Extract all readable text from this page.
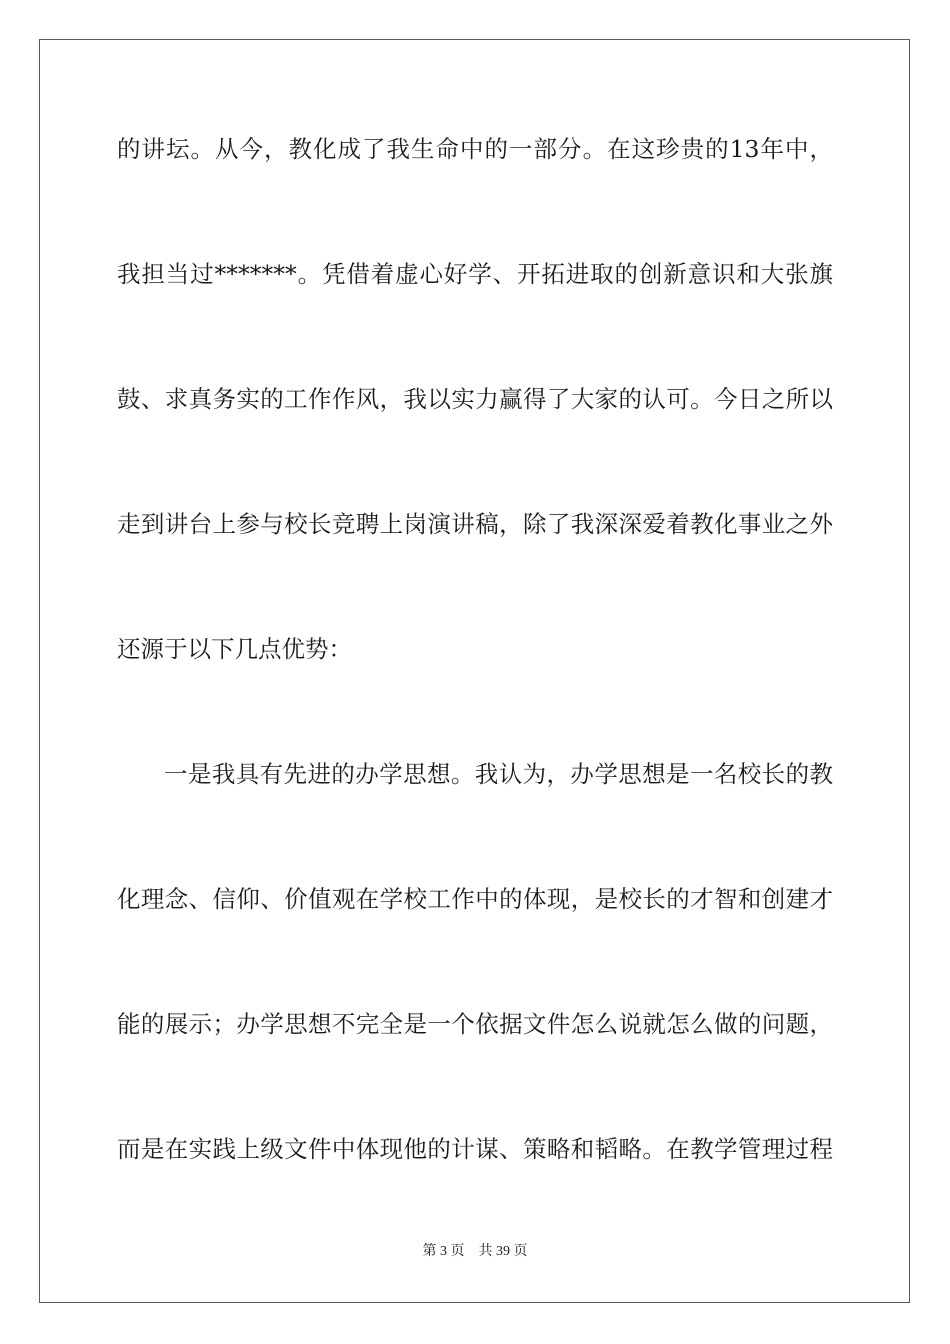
的讲坛。从今，教化成了我生命中的一部分。在这珍贵的13年中，
我担当过*******。凭借着虚心好学、开拓进取的创新意识和大张旗
鼓、求真务实的工作作风，我以实力赢得了大家的认可。今日之所以
走到讲台上参与校长竞聘上岗演讲稿，除了我深深爱着教化事业之外
还源于以下几点优势：
一是我具有先进的办学思想。我认为，办学思想是一名校长的教
化理念、信仰、价值观在学校工作中的体现，是校长的才智和创建才
能的展示；办学思想不完全是一个依据文件怎么说就怎么做的问题，
而是在实践上级文件中体现他的计谋、策略和韬略。在教学管理过程
第 3 页 共 39 页
